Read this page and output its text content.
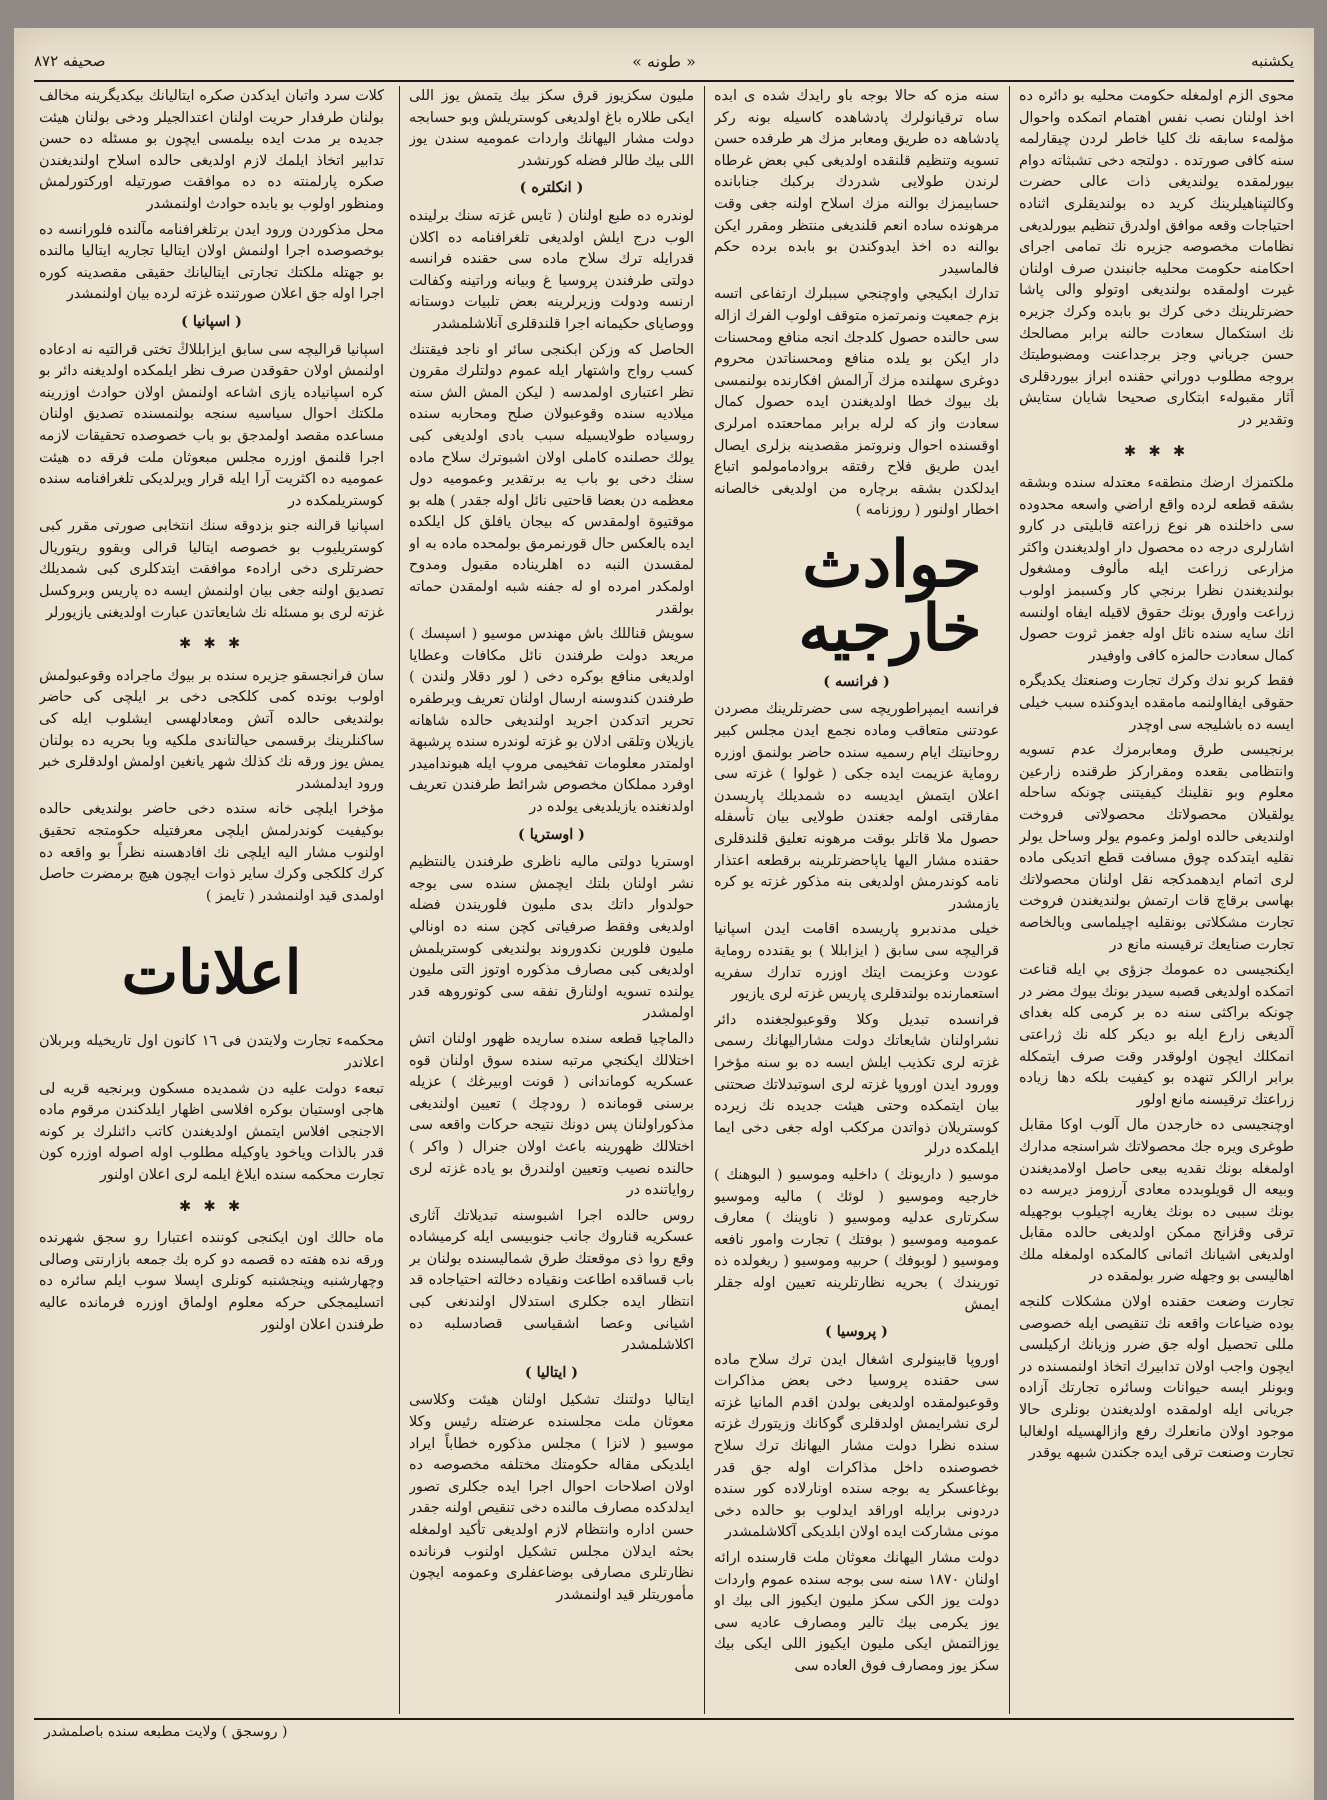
يكشنبه
« طونه »
صحيفه ٨٧٢

محوى الزم اولمغله حكومت محليه بو دائره ده اخذ اولنان نصب نفس اهتمام اتمكده واحوال مؤلمهء سابقه نك كليا خاطر لردن چيقارلمه سنه كافى صورتده . دولتجه دخى تشبثاته دوام بيورلمقده يولنديغى ذات عالى حضرت وكالتپناهيلرينك كريد ده بولنديقلرى اثناده احتياجات وقعه موافق اولدرق تنظيم بيورلديغى نظامات مخصوصه جزيره نك تمامى اجراى احكامنه حكومت محليه جانبندن صرف اولنان غيرت اولمقده بولنديغى اوتولو والى پاشا حضرتلرينك دخى كرك بو بابده وكرك جزيره نك استكمال سعادت حالنه برابر مصالحك حسن جرياني وجز برجداعنت ومضبوطيتك بروجه مطلوب دوراني حقنده ابراز بيوردقلرى آثار مقبولهء ابتكارى صحيحا شايان ستايش وتقدير در

✱ ✱ ✱

ملكتمزك ارضك منطقهء معتدله سنده وبشقه بشقه قطعه لرده واقع اراضي واسعه محدوده سى داخلنده هر نوع زراعته قابليتى در كارو اشارلرى درجه ده محصول دار اولديغندن واكثر مزارعى زراعت ايله مألوف ومشغول بولنديغندن نظرا برنجي كار وكسبمز اولوب زراعت واورق بونك حقوق لاقيله ايفاه اولنسه انك سايه سنده نائل اوله جغمز ثروت حصول كمال سعادت حالمزه كافى واوفيدر

فقط كربو ندك وكرك تجارت وصنعتك يكديگره حقوقى ايفااولنمه مامقده ايدوكنده سبب خيلى ايسه ده باشليجه سى اوچدر

برنجيسى طرق ومعابرمزك عدم تسويه وانتظامى بقعده ومقراركز طرقنده زارعين معلوم وبو نقلينك كيفيتنى چونكه ساحله يولقيلان محصولاتك محصولاتى فروخت اولنديغى حالده اولمز وعموم يولر وساحل يولر نقليه ايتدكده چوق مسافت قطع اتديكى ماده لرى اتمام ايدهمدكجه نقل اولنان محصولاتك بهاسى برقاچ قات ارتمش بولنديغندن فروخت تجارت مشكلاتى بونقليه اچيلماسى وبالخاصه تجارت صنايعك ترقيسنه مانع در

ايكنجيسى ده عمومك جزؤى بي ايله قناعت اتمكده اولديغى قصبه سيدر بونك بيوك مضر در چونكه براكثى سنه ده بر كرمى كله بغداى آلديغى زارع ايله بو ديكر كله نك ژراعتى انمكلك ايچون اولوقدر وقت صرف ايتمكله برابر ارالكر تنهده بو كيفيت بلكه دها زياده زراعتك ترقيسنه مانع اولور

اوچنجيسى ده خارجدن مال آلوب اوكا مقابل طوغرى ويره جك محصولاتك شراسنجه مدارك اولمغله بونك نقديه بيعى حاصل اولامديغندن وبيعه ال قويلوبدده معادى آرزومز ديرسه ده بونك سببى ده بونك يغاريه اچيلوب بوجهيله ترقى وقزانج ممكن اولديغى حالده مقابل اولديغى اشيانك اثمانى كالمكده اولمغله ملك اهاليسى بو وجهله ضرر بولمقده در

تجارت وضعت حقنده اولان مشكلات كلنجه بوده ضياعات واقعه نك تنقيصى ايله خصوصى مللى تحصيل اوله جق ضرر وزيانك اركيلسى ايچون واجب اولان تدابيرك اتخاذ اولنمسنده در وبونلر ايسه حيوانات وسائره تجارتك آزاده جريانى ايله اولمقده اولديغندن بونلرى حالا موجود اولان مانعلرك رفع وازالهسيله اولغالبا تجارت وصنعت ترقى ايده جكندن شبهه يوقدر

سنه مزه كه حالا بوجه باو رايدك شده ى ابده ساه ترقيانولرك پادشاهده كاسيله بونه ركر پادشاهه ده طريق ومعابر مزك هر طرفده حسن تسويه وتنظيم قلنقده اولديغى كبي بعض غرطاه لرندن طولايى شدردك بركبك جنابانده حسابيمزك بوالنه مزك اسلاح اولنه جغى وقت مرهونده ساده انعم قلنديغى منتظر ومقرر ايكن بوالنه ده اخذ ايدوكندن بو بابده برده حكم فالماسيدر

تدارك ابكيجي واوچنجي سببلرك ارتفاعى اتسه بزم جمعيت ونمرتمزه متوقف اولوب الفرك ازاله سى حالنده حصول كلدجك انجه منافع ومحسنات دار ايكن بو يلده منافع ومحسناتدن محروم دوغرى سهلنده مزك آرالمش افكارنده بولنمسى بك بيوك خطا اولديغندن ايده حصول كمال سعادت واز كه لرله برابر مماحعتده امرلرى اوقسنده احوال ونروتمز مقصدينه بزلرى ايصال ايدن طريق فلاح رفتقه بروادمامولمو اتباع ايدلكدن بشقه برچاره من اولديغى خالصانه اخطار اولنور ( روزنامه )

حوادث خارجيه
( فرانسه )

فرانسه ايمپراطوريچه سى حضرتلرينك مصردن عودتنى متعاقب وماده نجمع ايدن مجلس كبير روحانيتك ايام رسميه سنده حاضر بولنمق اوزره روماية عزيمت ايده جكى ( غولوا ) غزته سى اعلان ايتمش ايديسه ده شمديلك پاريسدن مفارقتى اولمه جغندن طولايى بيان تأسفله حصول ملا قاتلر بوقت مرهونه تعليق قلندقلرى حقنده مشار اليها ياپاحضرتلرينه برقطعه اعتذار نامه كوندرمش اولديغى بنه مذكور غزته يو كره يازمشدر

خيلى مدندبرو پاريسده اقامت ايدن اسپانيا قراليچه سى سابق ( ايزابللا ) بو يقندده روماية عودت وعزيمت ايتك اوزره تدارك سفريه استعمارنده بولندقلرى پاريس غزته لرى يازيور

فرانسده تبديل وكلا وقوعبولجغنده دائر نشراولنان شايعاتك دولت مشاراليهانك رسمى غزته لرى تكذيب ايلش ايسه ده بو سنه مؤخرا وورود ايدن اوروپا غزته لرى اسوتبدلاتك صحتنى بيان ايتمكده وحتى هيئت جديده نك زيرده كوستريلان ذواتدن مرككب اوله جغى دخى ايما ايلمكده درلر

موسيو ( داريونك ) داخليه وموسيو ( البوهنك ) خارجيه وموسيو ( لوئك ) ماليه وموسيو سكرتارى عدليه وموسيو ( ناوينك ) معارف عموميه وموسيو ( بوفتك ) تجارت وامور نافعه وموسيو ( لوبوفك ) حربيه وموسيو ( ريغولده ذه توريندك ) بحريه نظارتلرينه تعيين اوله جقلر ايمش

( پروسيا )

اوروپا قابينولرى اشغال ايدن ترك سلاح ماده سى حقنده پروسيا دخى بعض مذاكرات وقوعبولمقده اولديغى بولدن اقدم المانيا غزته لرى نشرايمش اولدقلرى گوكانك وزيتورك غزته سنده نظرا دولت مشار اليهانك ترك سلاح خصوصنده داخل مذاكرات اوله جق قدر بوغاعسكر يه بوجه سنده اونارلاده كور سنده دردونى برايله اوراقد ايدلوب بو حالده دخى مونى مشاركت ايده اولان ابلديكى آكلاشلمشدر

دولت مشار اليهانك معوثان ملت قارسنده ارائه اولنان ١٨٧٠ سنه سى بوجه سنده عموم واردات دولت يوز الكى سكز مليون ايكيوز الى بيك او يوز يكرمى بيك تالير ومصارف عاديه سى يوزالتمش ايكى مليون ايكيوز اللى ايكى بيك سكز يوز ومصارف فوق العاده سى

مليون سكزيوز قرق سكز بيك يتمش يوز اللى ايكى طلاره باغ اولديغى كوستريلش وبو حسابجه دولت مشار اليهانك واردات عموميه سندن يوز اللى بيك طالر فضله كورنشدر

( انكلتره )

لوندره ده طبع اولنان ( تايس غزته سنك برلينده الوب درج ايلش اولديغى تلغرافنامه ده اكلان قدرايله ترك سلاح ماده سى حقنده فرانسه دولتى طرفندن پروسيا غ وبيانه وراتينه وكفالت ارنسه ودولت وزيرلرينه بعض تلبيات دوستانه ووصاياى حكيمانه اجرا قلندقلرى آنلاشلمشدر

الحاصل كه وزكن ابكنجى سائر او ناجد فيقتنك كسب رواج واشتهار ايله عموم دولتلرك مقرون نظر اعتبارى اولمدسه ( ليكن المش الش سنه ميلاديه سنده وقوعبولان صلح ومحاربه سنده روسياده طولايسيله سبب بادى اولديغى كبى يولك حصلنده كاملى اولان اشبوترك سلاح ماده سنك دخى بو باب يه برتقدير وعموميه دول معظمه دن بعضا قاحتيى نائل اوله جقدر ) هله بو موقتيوة اولمقدس كه بيجان يافلق كل ايلكده ايده بالعكس حال قورنمرمق بولمحده ماده به او لمقسدن النبه ده اهلريناده مقبول ومدوح اولمكدر امرده او له جفنه شبه اولمقدن حماته بولقدر

سويش قناللك باش مهندس موسيو ( اسپسك ) مريعد دولت طرفندن نائل مكافات وعطايا اولديغى منافع بوكره دخى ( لور دقلار ولندن ) طرفندن كندوسنه ارسال اولنان تعريف وبرطفره تحرير اتدكدن اجريد اولنديغى حالده شاهانه يازيلان وتلقى ادلان بو غزته لوندره سنده پرشبهة اولمتدر معلومات تفخيمى مروپ ايله هبونداميدر اوفرد مملكان مخصوص شرائط طرفندن تعريف اولدنغنده يازيلديغى يولده در

( اوستريا )

اوستريا دولتى ماليه ناظرى طرفندن يالنتظيم نشر اولنان بلتك ايچمش سنده سى بوجه حولدوار داتك بدى مليون فلوريندن فضله اولديغى وفقط صرفياتى كچن سنه ده اونالي مليون فلورين نكدوروند بولنديغى كوستريلمش اولديغى كبى مصارف مذكوره اوتوز التى مليون يولنده تسويه اولنارق نفقه سى كوتوروهه قدر اولمشدر

دالماچيا قطعه سنده ساريده ظهور اولنان اتش اختلالك ايكنجي مرتبه سنده سوق اولنان قوه عسكريه كوماندانى ( قونت اوبيرغك ) عزيله برسنى قومانده ( رودچك ) تعيين اولنديغى مذكوراولنان پس دونك نتيجه حركات واقعه سى اختلالك ظهورينه باعث اولان جنرال ( واكر ) حالنده نصيب وتعيين اولندرق بو ياده غزته لرى رواياتنده در

روس حالده اجرا اشبوسنه تبديلاتك آثارى عسكريه قناروك جانب جنوبيسى ايله كرميشاده وقع روا ذى موقعتك طرق شماليسنده بولنان بر باب قساقده اطاعت ونقياده دخالته احتياجاده قد انتظار ايده جكلرى استدلال اولندنغى كبى اشيانى وعصا اشقياسى قصادسلبه ده اكلاشلمشدر

( ايتاليا )

ايتاليا دولتنك تشكيل اولنان هيئت وكلاسى معوثان ملت مجلسنده عرضتله رئيس وكلا موسيو ( لانزا ) مجلس مذكوره خطاباً ايراد ايلديكى مقاله حكومتك مختلفه مخصوصه ده اولان اصلاحات احوال اجرا ايده جكلرى تصور ايدلدكده مصارف مالنده دخى تنقيص اولنه جقدر حسن اداره وانتظام لازم اولديغى تأكيد اولمغله بحثه ايدلان مجلس تشكيل اولنوب فرنانده نظارتلرى مصارفى بوضاعفلرى وعمومه ايچون مأموريتلر قيد اولنمشدر

كلات سرد واتبان ايدكدن صكره ايتاليانك بيكديگرينه مخالف بولنان طرفدار حريت اولنان اعتدالجيلر ودخى بولنان هيئت جديده بر مدت ايده بيلمسى ايچون بو مسئله ده حسن تدابير اتخاذ ايلمك لازم اولديغى حالده اسلاح اولنديغندن صكره پارلمنته ده ده موافقت صورتيله اوركتورلمش ومنظور اولوب بو بابده حوادث اولنمشدر

محل مذكوردن ورود ايدن برتلغرافنامه مآلنده فلورانسه ده بوخصوصده اجرا اولنمش اولان ايتاليا تجاريه ايتاليا مالنده بو جهتله ملكتك تجارتى ايتاليانك حقيقى مقصدينه كوره اجرا اوله جق اعلان صورتنده غزته لرده بيان اولنمشدر

( اسپانيا )

اسپانيا قراليچه سى سابق ايزابللاڭ تختى قرالتيه نه ادعاده اولنمش اولان حقوقدن صرف نظر ايلمكده اولديغنه دائر بو كره اسپانياده يازى اشاعه اولنمش اولان حوادث اوزرينه ملكتك احوال سياسيه سنجه بولنمسنده تصديق اولنان مساعده مقصد اولمدجق بو باب خصوصده تحقيقات لازمه اجرا قلنمق اوزره مجلس مبعوثان ملت فرقه ده هيئت عموميه ده اكثريت آرا ايله قرار ويرلديكى تلغرافنامه سنده كوستريلمكده در

اسپانيا قرالنه جنو بزدوقه سنك انتخابى صورتى مقرر كبى كوستريليوب بو خصوصه ايتاليا قرالى وبقوو ريتوريال حضرتلرى دخى ارادهء موافقت ايتدكلرى كبى شمديلك تصديق اولنه جغى بيان اولنمش ايسه ده پاريس وبروكسل غزته لرى بو مسئله نك شايعاتدن عبارت اولديغنى يازيورلر

✱ ✱ ✱

سان فرانجسقو جزيره سنده بر بيوك ماجراده وقوعبولمش اولوب بونده كمى كلكجى دخى بر ايلچى كى حاضر بولنديغى حالده آتش ومعادلهسى ايشلوب ايله كى ساكنلرينك برقسمى حيالتاندى ملكيه ويا بحريه ده بولنان يمش يوز ورقه نك كذلك شهر يانغين اولمش اولدقلرى خبر ورود ايدلمشدر

مؤخرا ايلچى خانه سنده دخى حاضر بولنديغى حالده بوكيفيت كوندرلمش ايلچى معرفتيله حكومتجه تحقيق اولنوب مشار اليه ايلچى نك افادهسنه نظراً بو واقعه ده كرك كلكجى وكرك ساير ذوات ايچون هيچ برمضرت حاصل اولمدى قيد اولنمشدر ( تايمز )

اعلانات

محكمهء تجارت ولايتدن فى ١٦ كانون اول تاريخيله وبربلان اعلاندر

تبعهء دولت عليه دن شمديده مسكون وبرنجيه قريه لى هاجى اوستيان بوكره افلاسى اظهار ايلدكندن مرقوم ماده الاجنجى افلاس ايتمش اولديغندن كاتب دائنلرك بر كونه قدر بالذات وياخود ياوكيله مطلوب اوله اصوله اوزره كون تجارت محكمه سنده ايلاغ ايلمه لرى اعلان اولنور

✱ ✱ ✱

ماه حالك اون ايكنجى كوننده اعتبارا رو سجق شهرنده ورقه نده هفته ده قصمه دو كره بك جمعه بازارنتى وصالى وچهارشنبه وپنجشنبه كونلرى اپسلا سوب ايلم سائره ده اتسليمجكى حركه معلوم اولماق اوزره فرمانده عاليه طرفندن اعلان اولنور

( روسجق ) ولايت مطبعه سنده باصلمشدر
